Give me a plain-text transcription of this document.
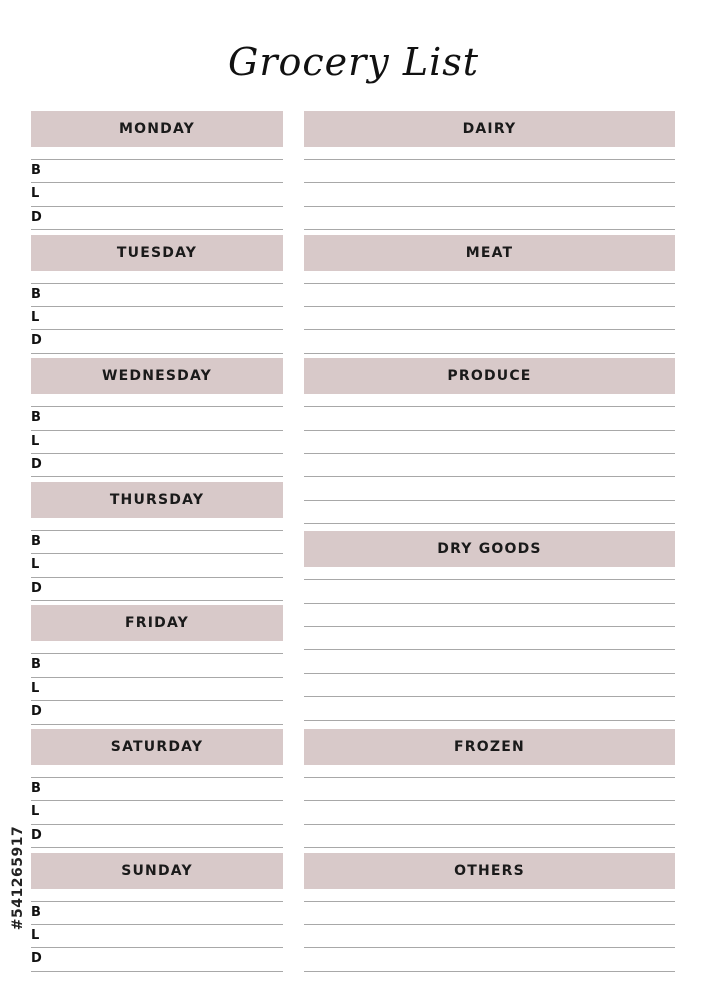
Grocery List
MONDAY
B
L
D
TUESDAY
B
L
D
WEDNESDAY
B
L
D
THURSDAY
B
L
D
FRIDAY
B
L
D
SATURDAY
B
L
D
SUNDAY
B
L
D
DAIRY
MEAT
PRODUCE
DRY GOODS
FROZEN
OTHERS
#541265917
